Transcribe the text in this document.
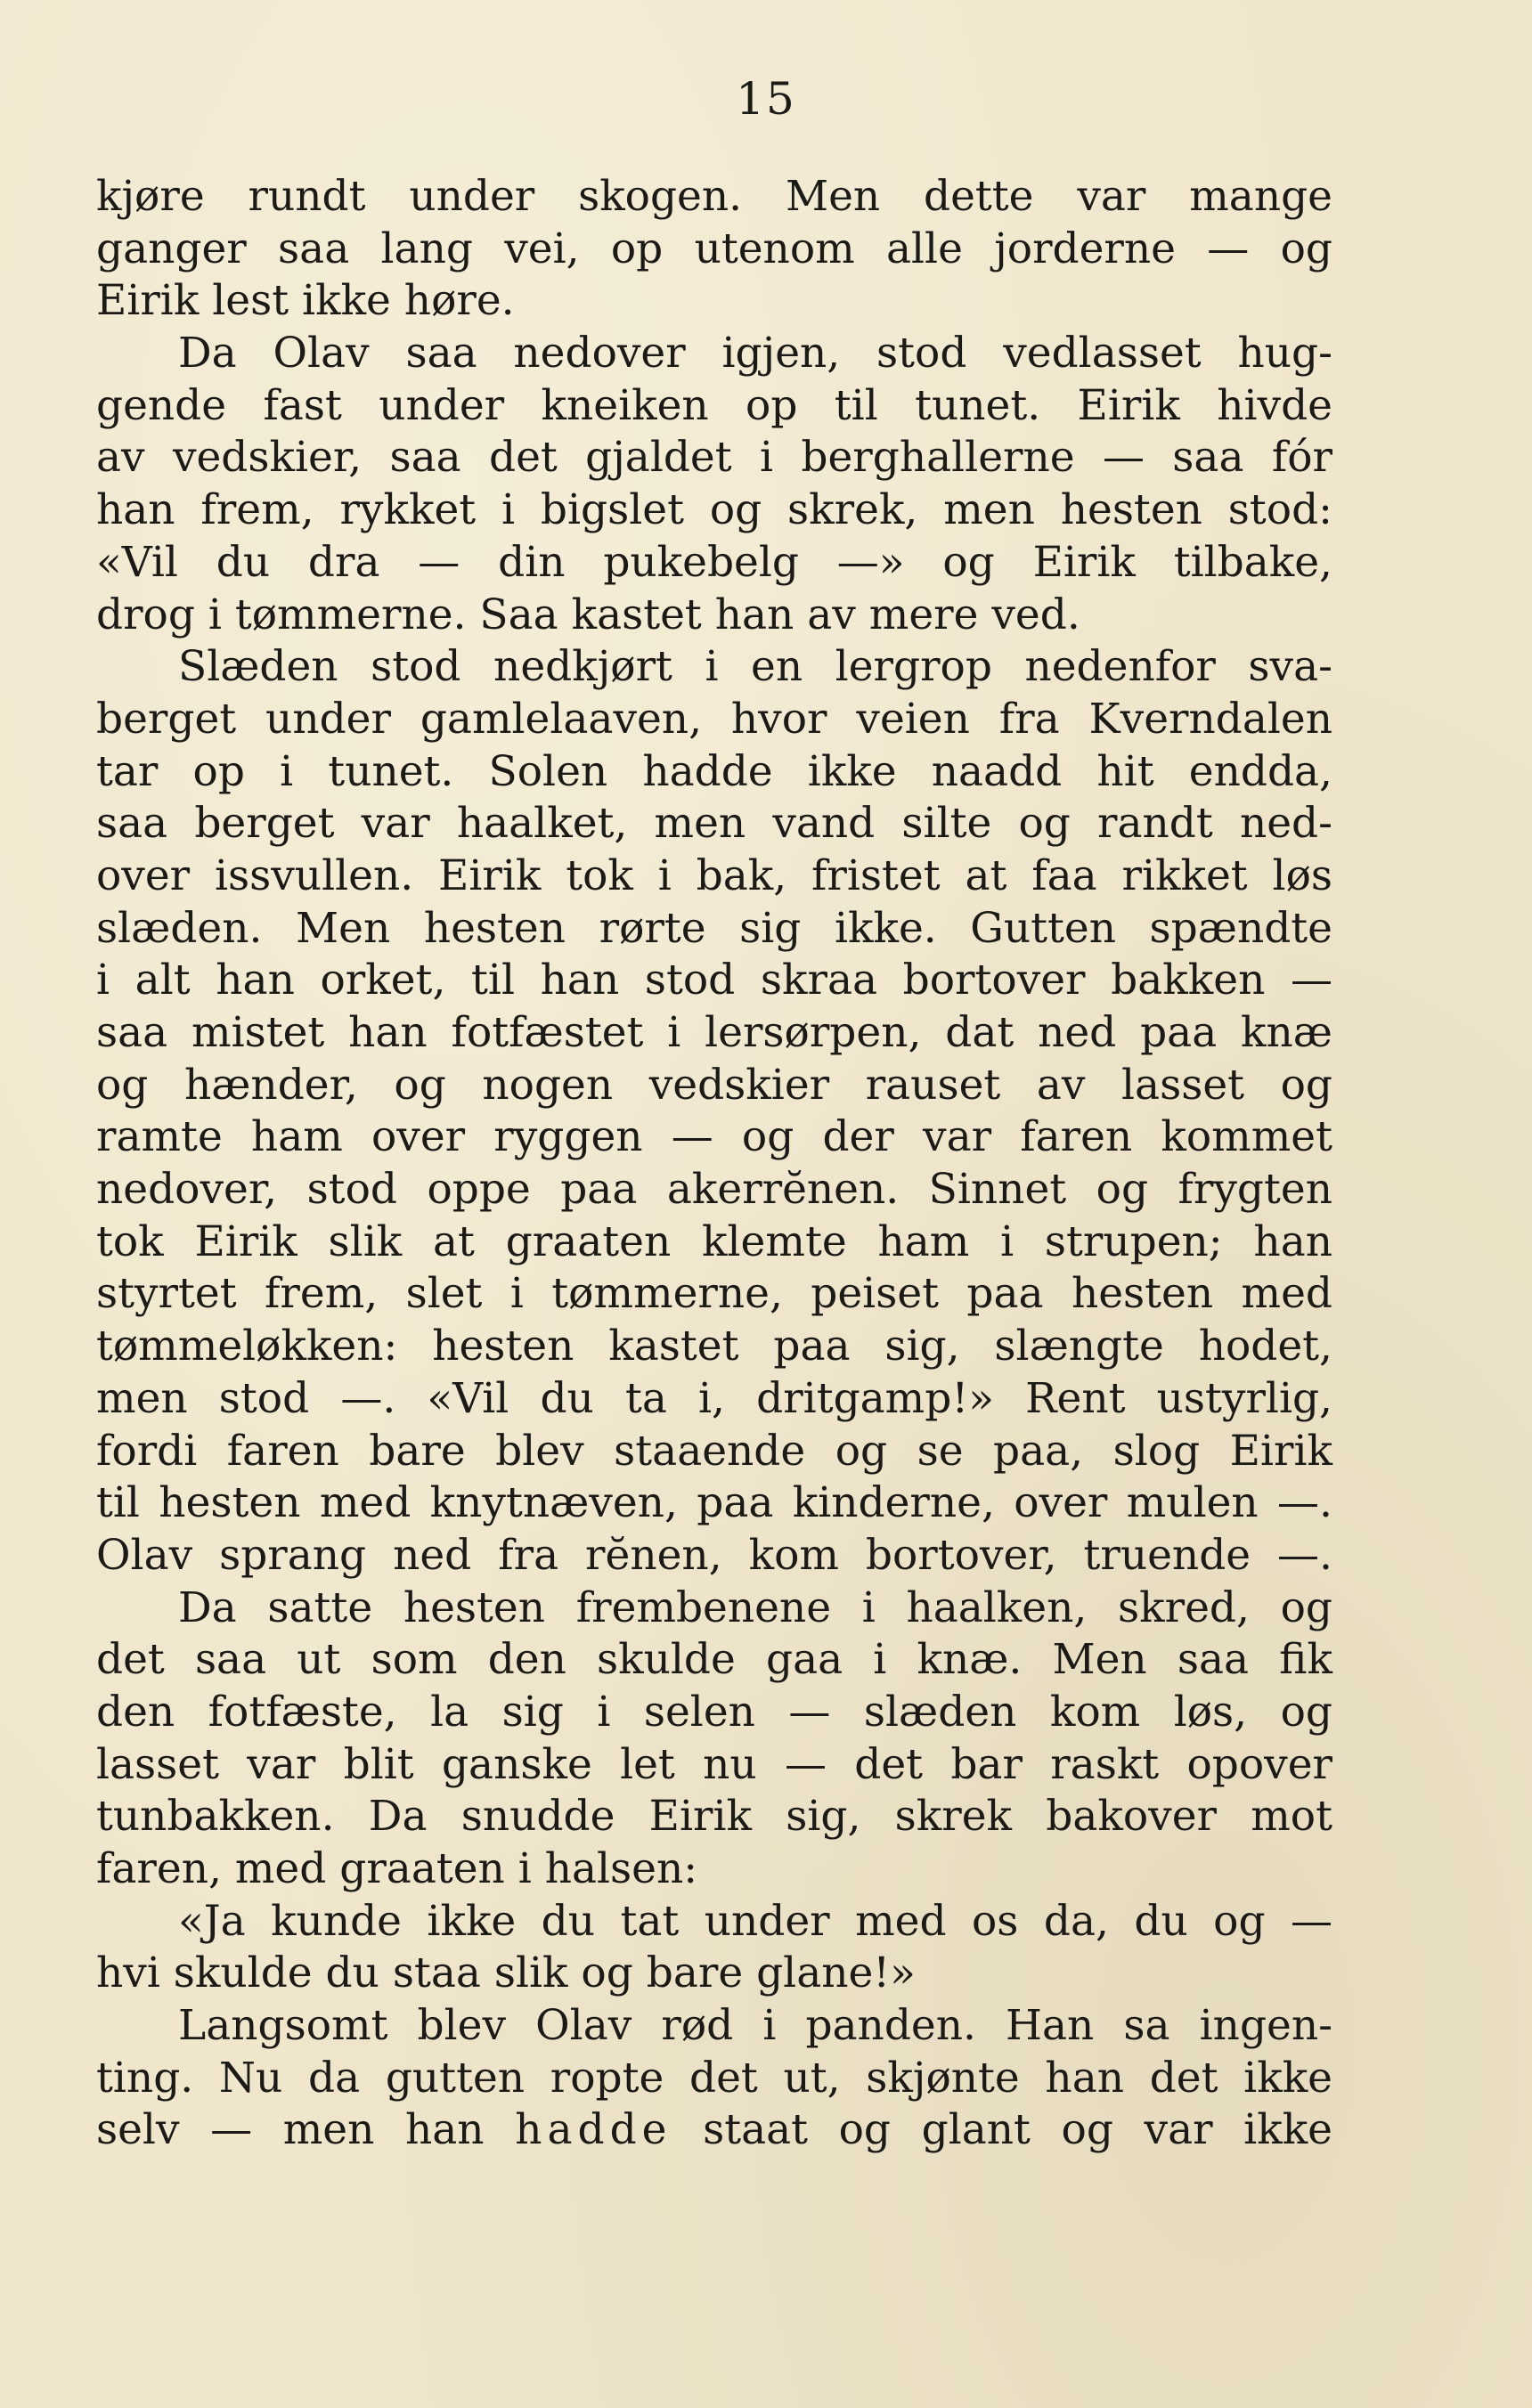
15
kjøre rundt under skogen. Men dette var mange
ganger saa lang vei, op utenom alle jorderne — og
Eirik lest ikke høre.
Da Olav saa nedover igjen, stod vedlasset hug-
gende fast under kneiken op til tunet. Eirik hivde
av vedskier, saa det gjaldet i berghallerne — saa fór
han frem, rykket i bigslet og skrek, men hesten stod:
«Vil du dra — din pukebelg —» og Eirik tilbake,
drog i tømmerne. Saa kastet han av mere ved.
Slæden stod nedkjørt i en lergrop nedenfor sva-
berget under gamlelaaven, hvor veien fra Kverndalen
tar op i tunet. Solen hadde ikke naadd hit endda,
saa berget var haalket, men vand silte og randt ned-
over issvullen. Eirik tok i bak, fristet at faa rikket løs
slæden. Men hesten rørte sig ikke. Gutten spændte
i alt han orket, til han stod skraa bortover bakken —
saa mistet han fotfæstet i lersørpen, dat ned paa knæ
og hænder, og nogen vedskier rauset av lasset og
ramte ham over ryggen — og der var faren kommet
nedover, stod oppe paa akerrĕnen. Sinnet og frygten
tok Eirik slik at graaten klemte ham i strupen; han
styrtet frem, slet i tømmerne, peiset paa hesten med
tømmeløkken: hesten kastet paa sig, slængte hodet,
men stod —. «Vil du ta i, dritgamp!» Rent ustyrlig,
fordi faren bare blev staaende og se paa, slog Eirik
til hesten med knytnæven, paa kinderne, over mulen —.
Olav sprang ned fra rĕnen, kom bortover, truende —.
Da satte hesten frembenene i haalken, skred, og
det saa ut som den skulde gaa i knæ. Men saa fik
den fotfæste, la sig i selen — slæden kom løs, og
lasset var blit ganske let nu — det bar raskt opover
tunbakken. Da snudde Eirik sig, skrek bakover mot
faren, med graaten i halsen:
«Ja kunde ikke du tat under med os da, du og —
hvi skulde du staa slik og bare glane!»
Langsomt blev Olav rød i panden. Han sa ingen-
ting. Nu da gutten ropte det ut, skjønte han det ikke
selv — men han hadde staat og glant og var ikke
